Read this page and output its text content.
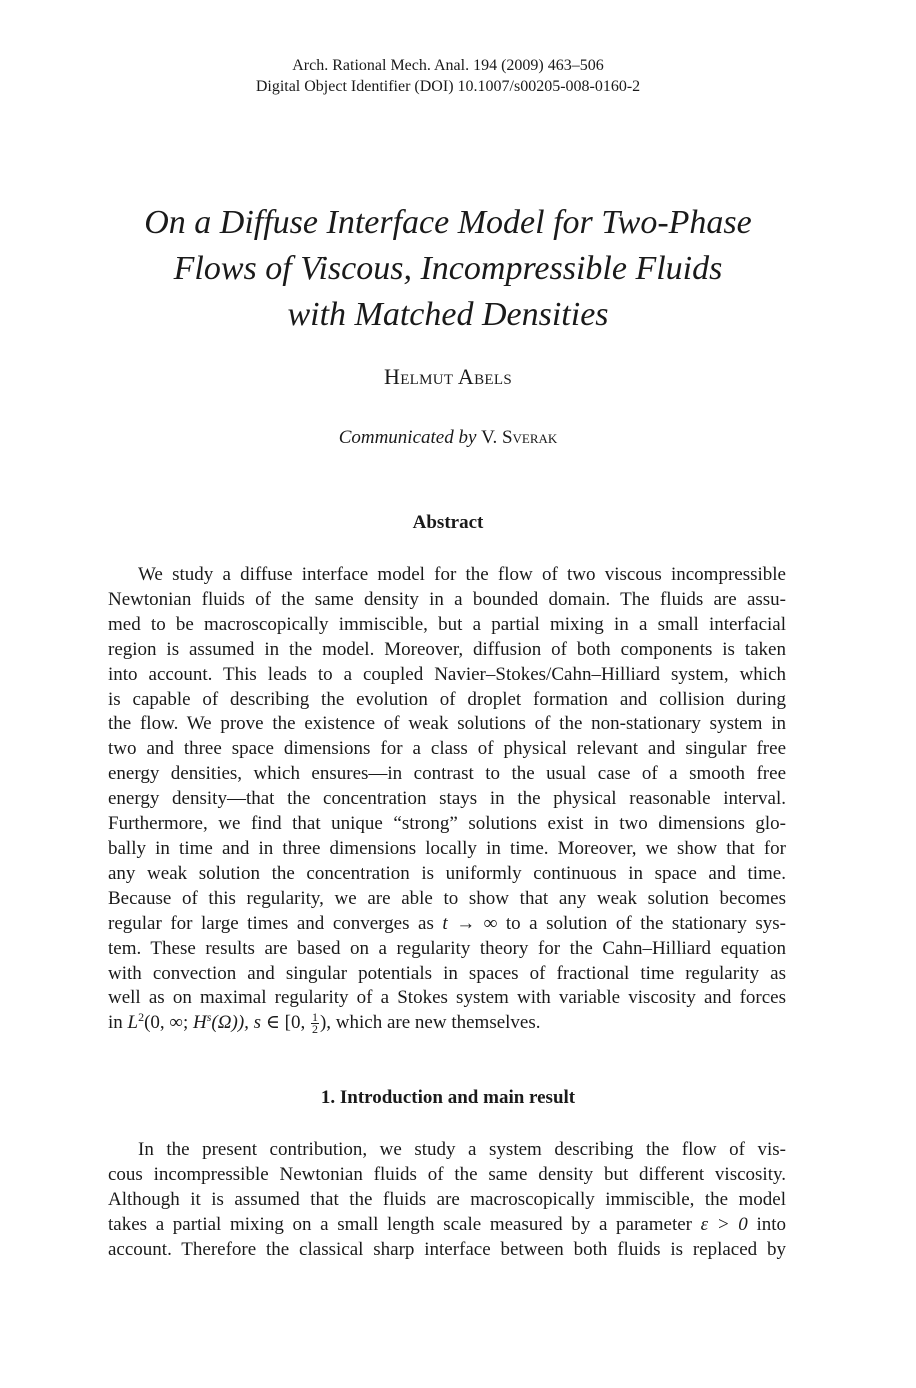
Arch. Rational Mech. Anal. 194 (2009) 463–506
Digital Object Identifier (DOI) 10.1007/s00205-008-0160-2
On a Diffuse Interface Model for Two-Phase
Flows of Viscous, Incompressible Fluids
with Matched Densities
Helmut Abels
Communicated by V. Sverak
Abstract
We study a diffuse interface model for the flow of two viscous incompressible
Newtonian fluids of the same density in a bounded domain. The fluids are assu-
med to be macroscopically immiscible, but a partial mixing in a small interfacial
region is assumed in the model. Moreover, diffusion of both components is taken
into account. This leads to a coupled Navier–Stokes/Cahn–Hilliard system, which
is capable of describing the evolution of droplet formation and collision during
the flow. We prove the existence of weak solutions of the non-stationary system in
two and three space dimensions for a class of physical relevant and singular free
energy densities, which ensures—in contrast to the usual case of a smooth free
energy density—that the concentration stays in the physical reasonable interval.
Furthermore, we find that unique “strong” solutions exist in two dimensions glo-
bally in time and in three dimensions locally in time. Moreover, we show that for
any weak solution the concentration is uniformly continuous in space and time.
Because of this regularity, we are able to show that any weak solution becomes
regular for large times and converges as t → ∞ to a solution of the stationary sys-
tem. These results are based on a regularity theory for the Cahn–Hilliard equation
with convection and singular potentials in spaces of fractional time regularity as
well as on maximal regularity of a Stokes system with variable viscosity and forces
in $L^2(0$, ∞; $H^s(\Omega)$), s ∈ [0, $\frac{1}{2}$ ), which are new themselves.
1. Introduction and main result
In the present contribution, we study a system describing the flow of vis-
cous incompressible Newtonian fluids of the same density but different viscosity.
Although it is assumed that the fluids are macroscopically immiscible, the model
takes a partial mixing on a small length scale measured by a parameter ε > 0 into
account. Therefore the classical sharp interface between both fluids is replaced by
